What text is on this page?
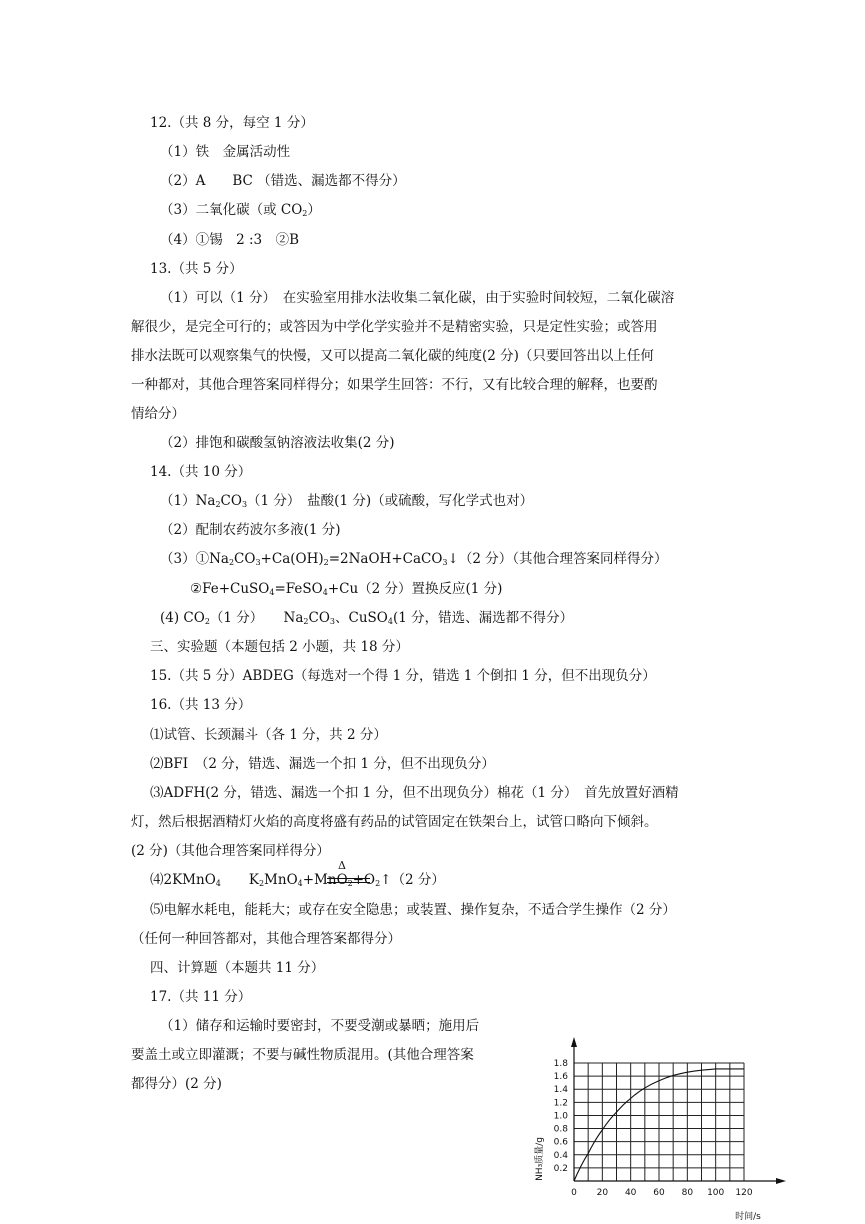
12.（共 8 分，每空 1 分）
（1）铁　金属活动性
（2）A　　BC （错选、漏选都不得分）
（3）二氧化碳（或 $CO_2$）
（4）①锡　2 :3　②B
13.（共 5 分）
（1）可以（1 分）　在实验室用排水法收集二氧化碳，由于实验时间较短，二氧化碳溶
解很少，是完全可行的；或答因为中学化学实验并不是精密实验，只是定性实验；或答用
排水法既可以观察集气的快慢，又可以提高二氧化碳的纯度(2 分)（只要回答出以上任何
一种都对，其他合理答案同样得分；如果学生回答：不行，又有比较合理的解释，也要酌
情给分）
（2）排饱和碳酸氢钠溶液法收集(2 分)
14.（共 10 分）
$(1)Na_2CO_3(1$ 分）　盐酸(1 分)（或硫酸，写化学式也对）
（2）配制农药波尔多液(1 分)
$(3)①Na_2CO_3+Ca(OH)_2=2NaOH+CaCO_3↓(2$ 分）（其他合理答案同样得分）
②Fe+CuSO$_4$=FeSO$_4$+Cu（2 分）置换反应(1 分)
(4) $CO_2(1$ 分）　　$Na_2CO_3$、CuSO$_4$(1 分，错选、漏选都不得分）
三、实验题（本题包括 2 小题，共 18 分）
15.（共 5 分）ABDEG（每选对一个得 1 分，错选 1 个倒扣 1 分，但不出现负分）
16.（共 13 分）
⑴试管、长颈漏斗（各 1 分，共 2 分）
⑵BFI　（2 分，错选、漏选一个扣 1 分，但不出现负分）
⑶ADFH(2 分，错选、漏选一个扣 1 分，但不出现负分）棉花（1 分）　首先放置好酒精
灯，然后根据酒精灯火焰的高度将盛有药品的试管固定在铁架台上，试管口略向下倾斜。
(2 分)（其他合理答案同样得分）
Δ
⑷2KMnO$_4$ $K_2MnO_4+MnO_2+O_2↑(2$ 分）
⑸电解水耗电，能耗大；或存在安全隐患；或装置、操作复杂，不适合学生操作（2 分）
（任何一种回答都对，其他合理答案都得分）
四、计算题（本题共 11 分）
17.（共 11 分）
（1）储存和运输时要密封，不要受潮或暴晒；施用后
要盖土或立即灌溉；不要与碱性物质混用。(其他合理答案
都得分）(2 分)
0 20 40 60 80 100 120
0.2
0.4
0.6
0.8
1.0
1.2
1.4
1.6
1.8
NH₃质量/g
时间/s
